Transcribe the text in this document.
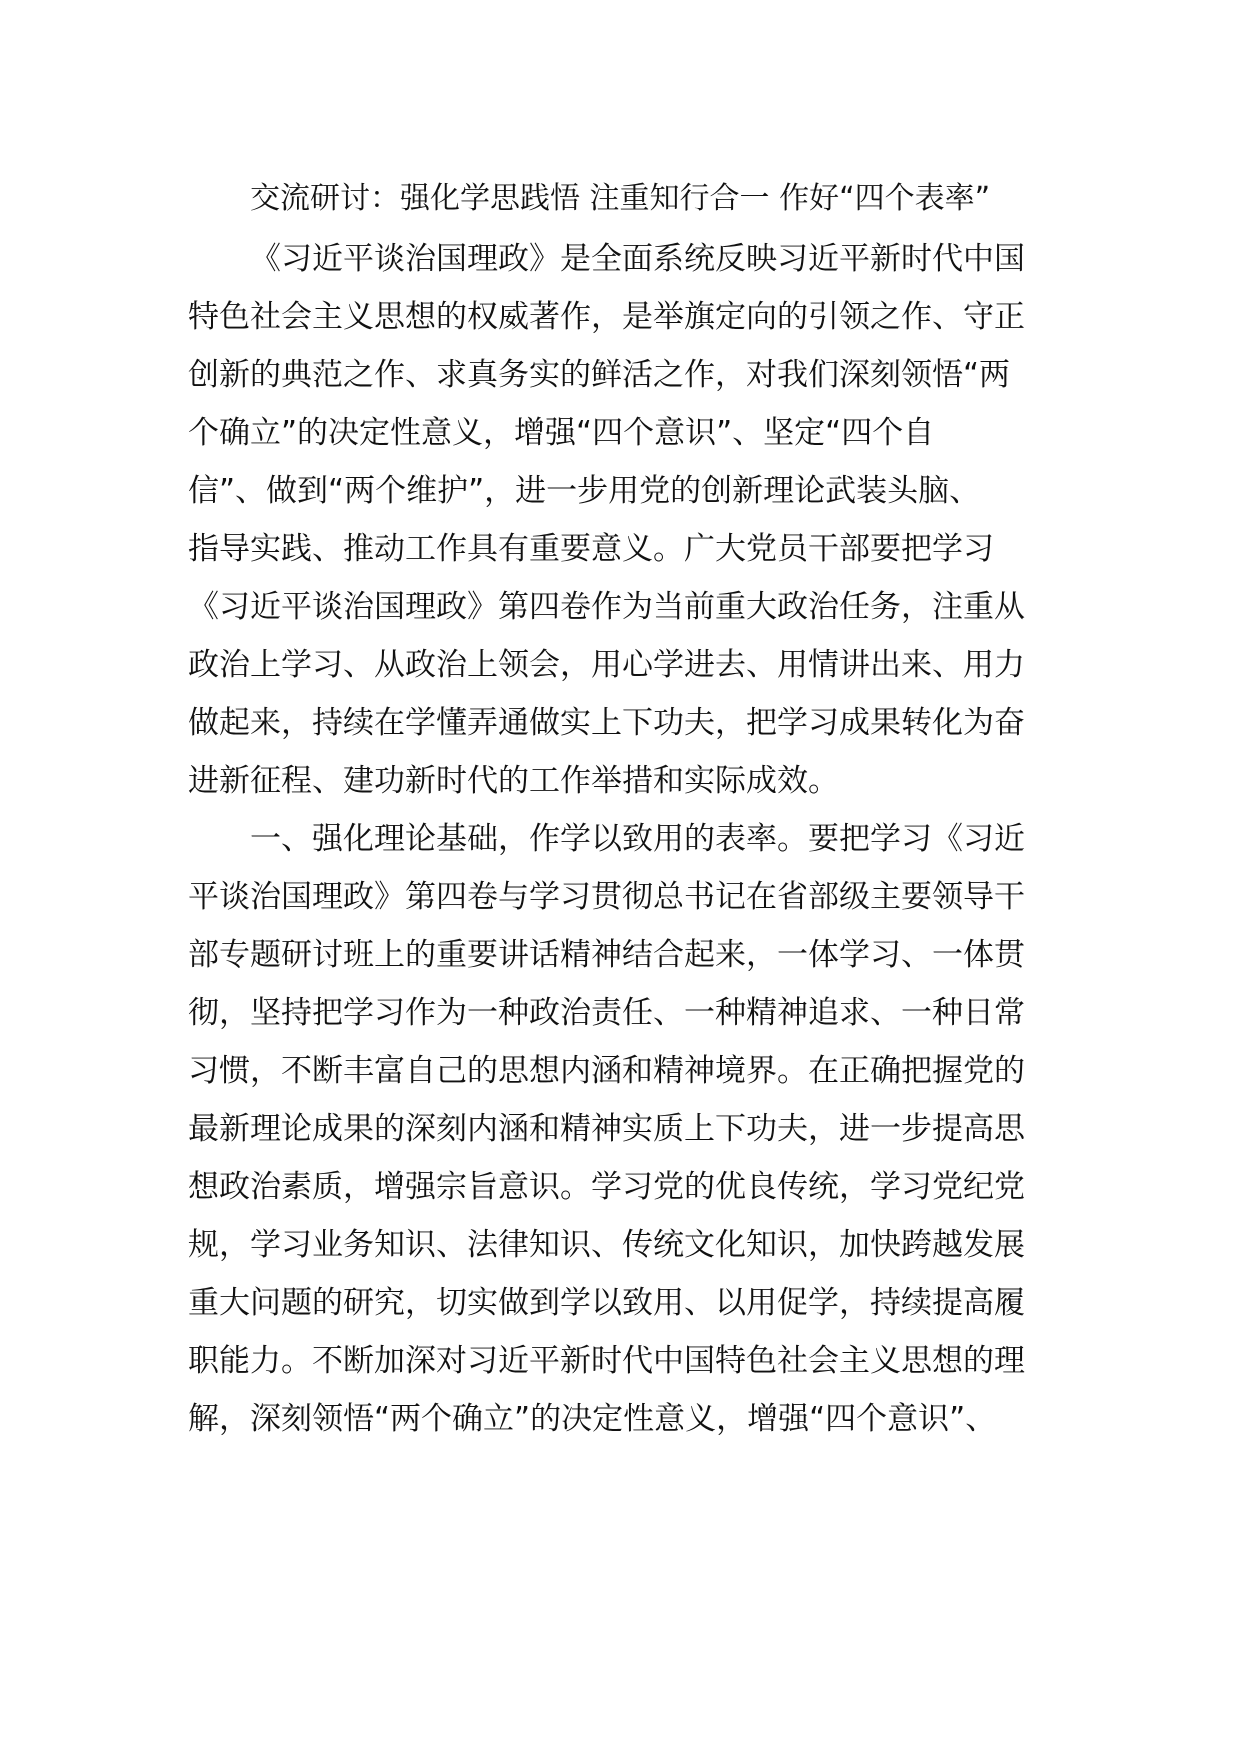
交流研讨：强化学思践悟 注重知行合一 作好“四个表率”
《习近平谈治国理政》是全面系统反映习近平新时代中国
特色社会主义思想的权威著作，是举旗定向的引领之作、守正
创新的典范之作、求真务实的鲜活之作，对我们深刻领悟“两
个确立”的决定性意义，增强“四个意识”、坚定“四个自
信”、做到“两个维护”，进一步用党的创新理论武装头脑、
指导实践、推动工作具有重要意义。广大党员干部要把学习
《习近平谈治国理政》第四卷作为当前重大政治任务，注重从
政治上学习、从政治上领会，用心学进去、用情讲出来、用力
做起来，持续在学懂弄通做实上下功夫，把学习成果转化为奋
进新征程、建功新时代的工作举措和实际成效。
一、强化理论基础，作学以致用的表率。要把学习《习近
平谈治国理政》第四卷与学习贯彻总书记在省部级主要领导干
部专题研讨班上的重要讲话精神结合起来，一体学习、一体贯
彻，坚持把学习作为一种政治责任、一种精神追求、一种日常
习惯，不断丰富自己的思想内涵和精神境界。在正确把握党的
最新理论成果的深刻内涵和精神实质上下功夫，进一步提高思
想政治素质，增强宗旨意识。学习党的优良传统，学习党纪党
规，学习业务知识、法律知识、传统文化知识，加快跨越发展
重大问题的研究，切实做到学以致用、以用促学，持续提高履
职能力。不断加深对习近平新时代中国特色社会主义思想的理
解，深刻领悟“两个确立”的决定性意义，增强“四个意识”、
